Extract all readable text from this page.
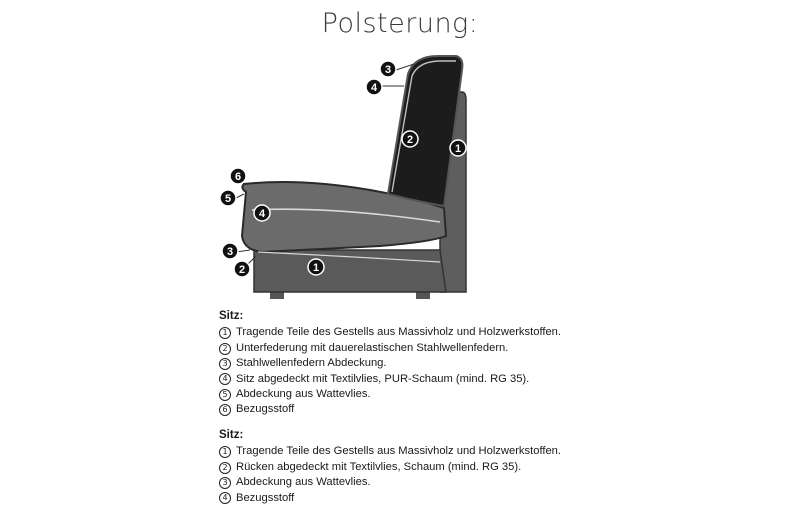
Polsterung:
1
2
3
4
6
5
4
3
2	1
Sitz:
1 Tragende Teile des Gestells aus Massivholz und Holzwerkstoffen.
2 Unterfederung mit dauerelastischen Stahlwellenfedern.
3 Stahlwellenfedern Abdeckung.
4 Sitz abgedeckt mit Textilvlies, PUR-Schaum (mind. RG 35).
5 Abdeckung aus Wattevlies.
6 Bezugsstoff
Sitz:
1 Tragende Teile des Gestells aus Massivholz und Holzwerkstoffen.
2 Rücken abgedeckt mit Textilvlies, Schaum (mind. RG 35).
3 Abdeckung aus Wattevlies.
4 Bezugsstoff
